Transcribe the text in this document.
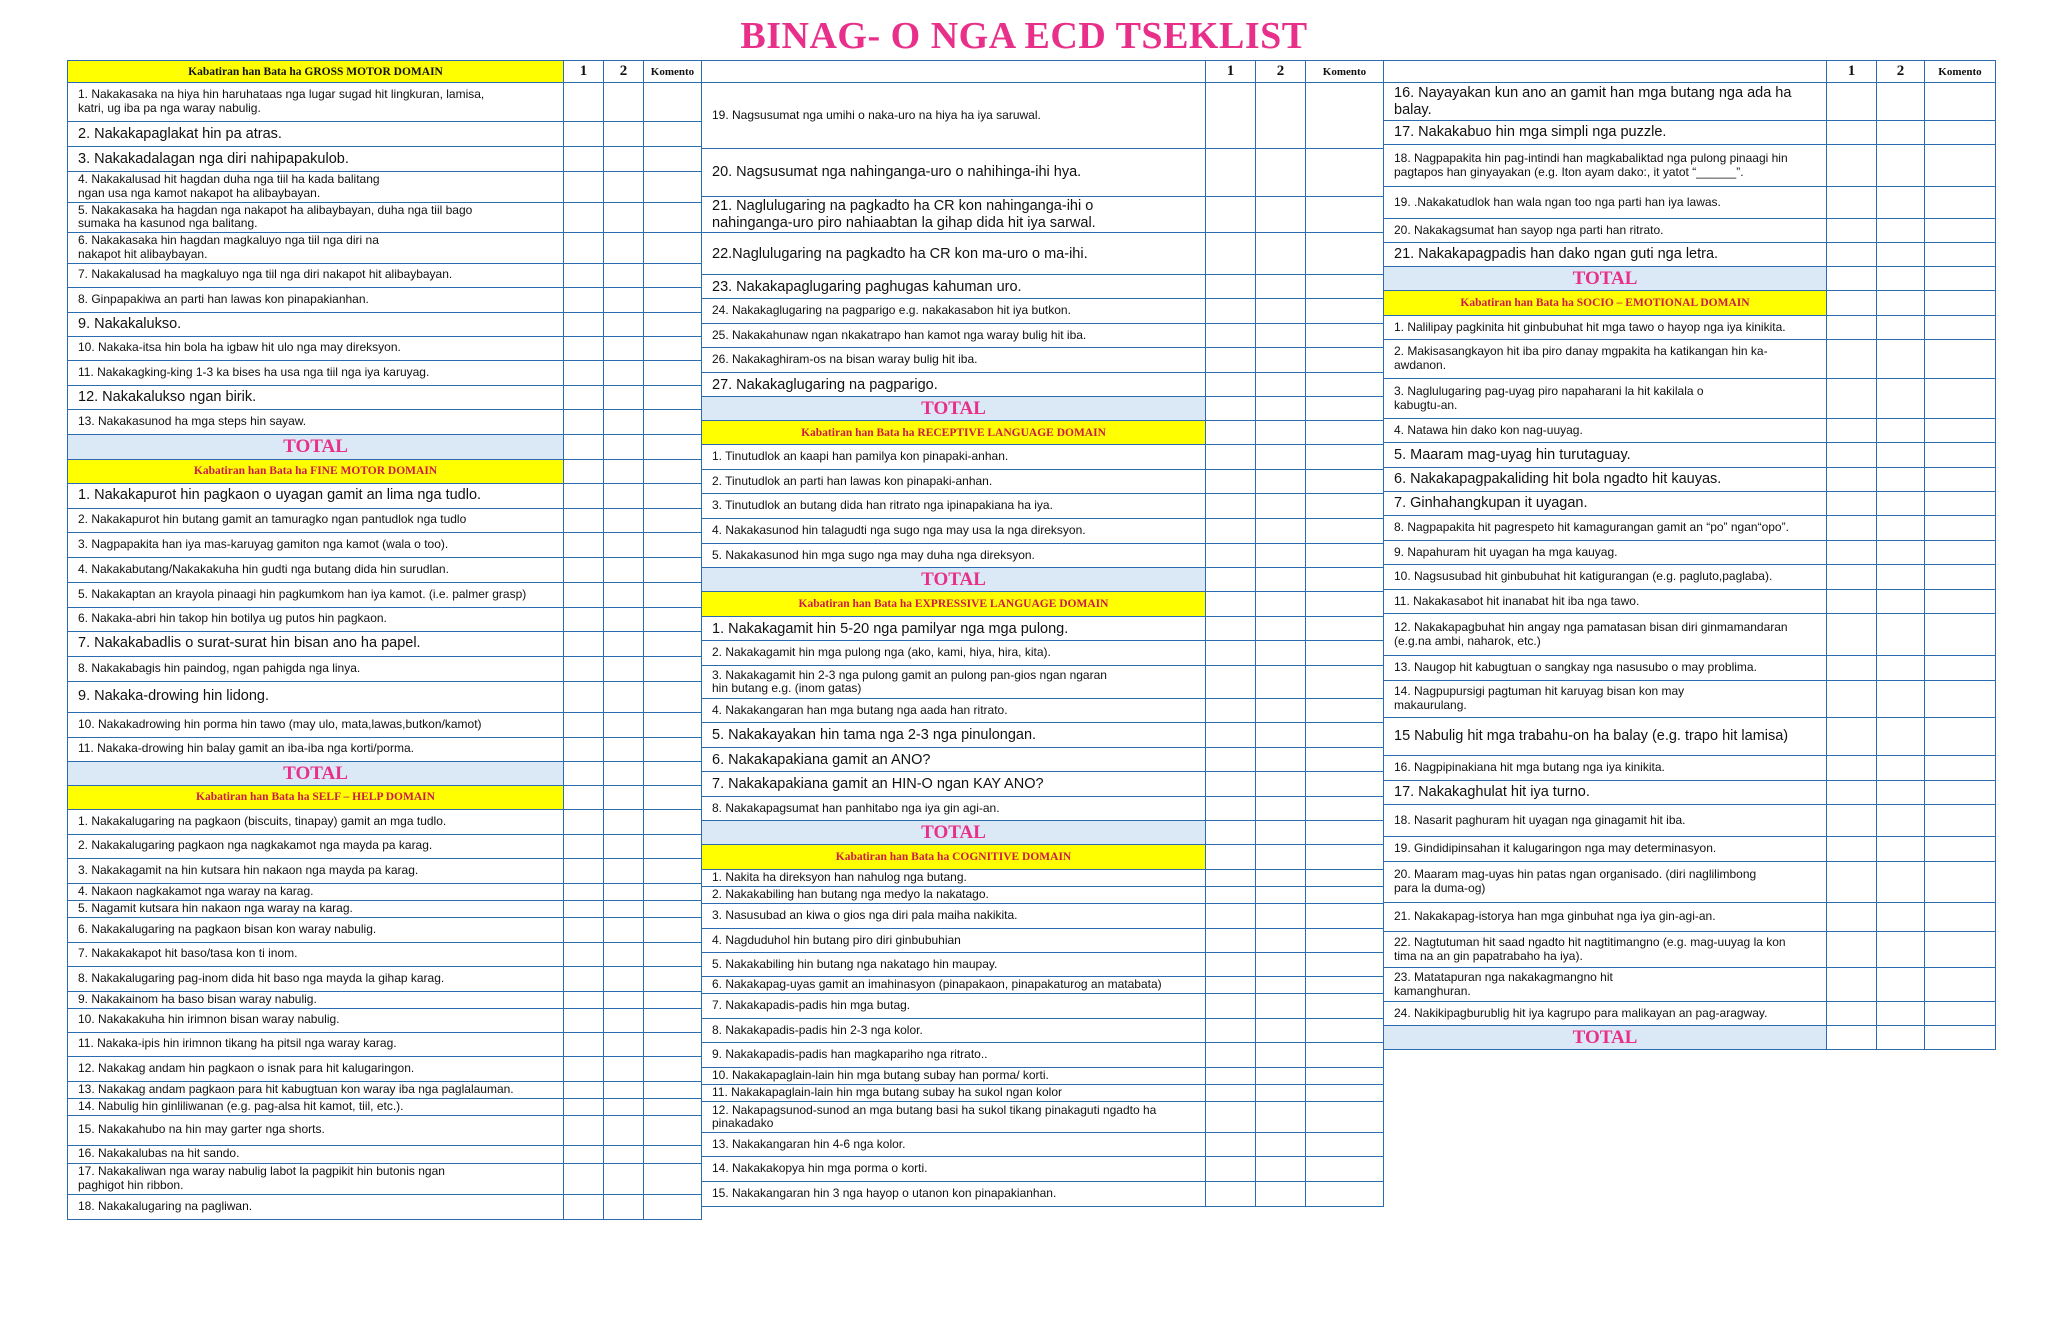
BINAG- O NGA ECD TSEKLIST
Kabatiran han Bata ha GROSS MOTOR DOMAIN	1	2	Komento
1. Nakakasaka na hiya hin haruhataas nga lugar sugad hit lingkuran, lamisa,
katri, ug iba pa nga waray nabulig.			
2. Nakakapaglakat hin pa atras.			
3. Nakakadalagan nga diri nahipapakulob.			
4. Nakakalusad hit hagdan duha nga tiil ha kada balitang
ngan usa nga kamot nakapot ha alibaybayan.			
5. Nakakasaka ha hagdan nga nakapot ha alibaybayan, duha nga tiil bago
sumaka ha kasunod nga balitang.			
6. Nakakasaka hin hagdan magkaluyo nga tiil nga diri na
nakapot hit alibaybayan.			
7. Nakakalusad ha magkaluyo nga tiil nga diri nakapot hit alibaybayan.			
8. Ginpapakiwa an parti han lawas kon pinapakianhan.			
9. Nakakalukso.			
10. Nakaka-itsa hin bola ha igbaw hit ulo nga may direksyon.			
11. Nakakagking-king 1-3 ka bises ha usa nga tiil nga iya karuyag.			
12. Nakakalukso ngan birik.			
13. Nakakasunod ha mga steps hin sayaw.			
TOTAL			
Kabatiran han Bata ha FINE MOTOR DOMAIN			
1. Nakakapurot hin pagkaon o uyagan gamit an lima nga tudlo.			
2. Nakakapurot hin butang gamit an tamuragko ngan pantudlok nga tudlo			
3. Nagpapakita han iya mas-karuyag gamiton nga kamot (wala o too).			
4. Nakakabutang/Nakakakuha hin gudti nga butang dida hin surudlan.			
5. Nakakaptan an krayola pinaagi hin pagkumkom han iya kamot. (i.e. palmer grasp)			
6. Nakaka-abri hin takop hin botilya ug putos hin pagkaon.			
7. Nakakabadlis o surat-surat hin bisan ano ha papel.			
8. Nakakabagis hin paindog, ngan pahigda nga linya.			
9. Nakaka-drowing hin lidong.			
10. Nakakadrowing hin porma hin tawo (may ulo, mata,lawas,butkon/kamot)			
11. Nakaka-drowing hin balay gamit an iba-iba nga korti/porma.			
TOTAL			
Kabatiran han Bata ha SELF – HELP DOMAIN			
1. Nakakalugaring na pagkaon (biscuits, tinapay) gamit an mga tudlo.			
2. Nakakalugaring pagkaon nga nagkakamot nga mayda pa karag.			
3. Nakakagamit na hin kutsara hin nakaon nga mayda pa karag.			
4. Nakaon nagkakamot nga waray na karag.			
5. Nagamit kutsara hin nakaon nga waray na karag.			
6. Nakakalugaring na pagkaon bisan kon waray nabulig.			
7. Nakakakapot hit baso/tasa kon ti inom.			
8. Nakakalugaring pag-inom dida hit baso nga mayda la gihap karag.			
9. Nakakainom ha baso bisan waray nabulig.			
10. Nakakakuha hin irimnon bisan waray nabulig.			
11. Nakaka-ipis hin irimnon tikang ha pitsil nga waray karag.			
12. Nakakag andam hin pagkaon o isnak para hit kalugaringon.			
13. Nakakag andam pagkaon para hit kabugtuan kon waray iba nga paglalauman.			
14. Nabulig hin ginliliwanan (e.g. pag-alsa hit kamot, tiil, etc.).			
15. Nakakahubo na hin may garter nga shorts.			
16. Nakakalubas na hit sando.			
17. Nakakaliwan nga waray nabulig labot la pagpikit hin butonis ngan
paghigot hin ribbon.			
18. Nakakalugaring na pagliwan.			
	1	2	Komento
19. Nagsusumat nga umihi o naka-uro na hiya ha iya saruwal.			
20. Nagsusumat nga nahinganga-uro o nahihinga-ihi hya.			
21. Naglulugaring na pagkadto ha CR kon nahinganga-ihi o
nahinganga-uro piro nahiaabtan la gihap dida hit iya sarwal.			
22.Naglulugaring na pagkadto ha CR kon ma-uro o ma-ihi.			
23. Nakakapaglugaring paghugas kahuman uro.			
24. Nakakaglugaring na pagparigo e.g. nakakasabon hit iya butkon.			
25. Nakakahunaw ngan nkakatrapo han kamot nga waray bulig hit iba.			
26. Nakakaghiram-os na bisan waray bulig hit iba.			
27. Nakakaglugaring na pagparigo.			
TOTAL			
Kabatiran han Bata ha RECEPTIVE LANGUAGE DOMAIN			
1. Tinutudlok an kaapi han pamilya kon pinapaki-anhan.			
2. Tinutudlok an parti han lawas kon pinapaki-anhan.			
3. Tinutudlok an butang dida han ritrato nga ipinapakiana ha iya.			
4. Nakakasunod hin talagudti nga sugo nga may usa la nga direksyon.			
5. Nakakasunod hin mga sugo nga may duha nga direksyon.			
TOTAL			
Kabatiran han Bata ha EXPRESSIVE LANGUAGE DOMAIN			
1. Nakakagamit hin 5-20 nga pamilyar nga mga pulong.			
2. Nakakagamit hin mga pulong nga (ako, kami, hiya, hira, kita).			
3. Nakakagamit hin 2-3 nga pulong gamit an pulong pan-gios ngan ngaran
hin butang e.g. (inom gatas)			
4. Nakakangaran han mga butang nga aada han ritrato.			
5. Nakakayakan hin tama nga 2-3 nga pinulongan.			
6. Nakakapakiana gamit an ANO?			
7. Nakakapakiana gamit an HIN-O ngan KAY ANO?			
8. Nakakapagsumat han panhitabo nga iya gin agi-an.			
TOTAL			
Kabatiran han Bata ha COGNITIVE DOMAIN			
1. Nakita ha direksyon han nahulog nga butang.			
2. Nakakabiling han butang nga medyo la nakatago.			
3. Nasusubad an kiwa o gios nga diri pala maiha nakikita.			
4. Nagduduhol hin butang piro diri ginbubuhian			
5. Nakakabiling hin butang nga nakatago hin maupay.			
6. Nakakapag-uyas gamit an imahinasyon (pinapakaon, pinapakaturog an matabata)			
7. Nakakapadis-padis hin mga butag.			
8. Nakakapadis-padis hin 2-3 nga kolor.			
9. Nakakapadis-padis han magkapariho nga ritrato..			
10. Nakakapaglain-lain hin mga butang subay han porma/ korti.			
11. Nakakapaglain-lain hin mga butang subay ha sukol ngan kolor			
12. Nakapagsunod-sunod an mga butang basi ha sukol tikang pinakaguti ngadto ha
pinakadako			
13. Nakakangaran hin 4-6 nga kolor.			
14. Nakakakopya hin mga porma o korti.			
15. Nakakangaran hin 3 nga hayop o utanon kon pinapakianhan.			
	1	2	Komento
16. Nayayakan kun ano an gamit han mga butang nga ada ha
balay.			
17. Nakakabuo hin mga simpli nga puzzle.			
18. Nagpapakita hin pag-intindi han magkabaliktad nga pulong pinaagi hin
pagtapos han ginyayakan (e.g. Iton ayam dako:, it yatot “______”.			
19. .Nakakatudlok han wala ngan too nga parti han iya lawas.			
20. Nakakagsumat han sayop nga parti han ritrato.			
21. Nakakapagpadis han dako ngan guti nga letra.			
TOTAL			
Kabatiran han Bata ha SOCIO – EMOTIONAL DOMAIN			
1. Nalilipay pagkinita hit ginbubuhat hit mga tawo o hayop nga iya kinikita.			
2. Makisasangkayon hit iba piro danay mgpakita ha katikangan hin ka-
awdanon.			
3. Naglulugaring pag-uyag piro napaharani la hit kakilala o
kabugtu-an.			
4. Natawa hin dako kon nag-uuyag.			
5. Maaram mag-uyag hin turutaguay.			
6. Nakakapagpakaliding hit bola ngadto hit kauyas.			
7. Ginhahangkupan it uyagan.			
8. Nagpapakita hit pagrespeto hit kamagurangan gamit an “po” ngan“opo”.			
9. Napahuram hit uyagan ha mga kauyag.			
10. Nagsusubad hit ginbubuhat hit katigurangan (e.g. pagluto,paglaba).			
11. Nakakasabot hit inanabat hit iba nga tawo.			
12. Nakakapagbuhat hin angay nga pamatasan bisan diri ginmamandaran
(e.g.na ambi, naharok, etc.)			
13. Naugop hit kabugtuan o sangkay nga nasusubo o may problima.			
14. Nagpupursigi pagtuman hit karuyag bisan kon may
makaurulang.			
15 Nabulig hit mga trabahu-on ha balay (e.g. trapo hit lamisa)			
16. Nagpipinakiana hit mga butang nga iya kinikita.			
17. Nakakaghulat hit iya turno.			
18. Nasarit paghuram hit uyagan nga ginagamit hit iba.			
19. Gindidipinsahan it kalugaringon nga may determinasyon.			
20. Maaram mag-uyas hin patas ngan organisado. (diri naglilimbong
para la duma-og)			
21. Nakakapag-istorya han mga ginbuhat nga iya gin-agi-an.			
22. Nagtutuman hit saad ngadto hit nagtitimangno (e.g. mag-uuyag la kon
tima na an gin papatrabaho ha iya).			
23. Matatapuran nga nakakagmangno hit
kamanghuran.			
24. Nakikipagburublig hit iya kagrupo para malikayan an pag-aragway.			
TOTAL			
